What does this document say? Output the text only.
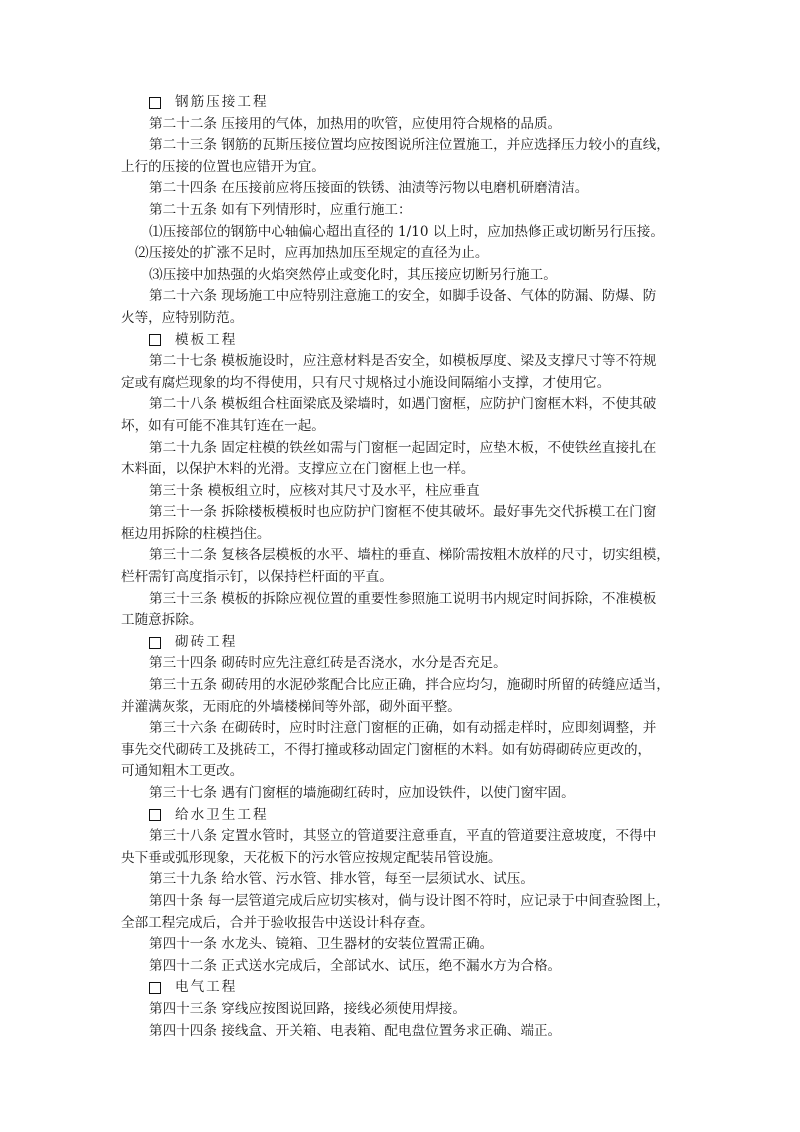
钢筋压接工程
第二十二条 压接用的气体，加热用的吹管，应使用符合规格的品质。
第二十三条 钢筋的瓦斯压接位置均应按图说所注位置施工，并应选择压力较小的直线，
上行的压接的位置也应错开为宜。
第二十四条 在压接前应将压接面的铁锈、油渍等污物以电磨机研磨清洁。
第二十五条 如有下列情形时，应重行施工：
⑴压接部位的钢筋中心轴偏心超出直径的 1/10 以上时，应加热修正或切断另行压接。
⑵压接处的扩涨不足时，应再加热加压至规定的直径为止。
⑶压接中加热强的火焰突然停止或变化时，其压接应切断另行施工。
第二十六条 现场施工中应特别注意施工的安全，如脚手设备、气体的防漏、防爆、防
火等，应特别防范。
模板工程
第二十七条 模板施设时，应注意材料是否安全，如模板厚度、梁及支撑尺寸等不符规
定或有腐烂现象的均不得使用，只有尺寸规格过小施设间隔缩小支撑，才使用它。
第二十八条 模板组合柱面梁底及梁墙时，如遇门窗框，应防护门窗框木料，不使其破
坏，如有可能不准其钉连在一起。
第二十九条 固定柱模的铁丝如需与门窗框一起固定时，应垫木板，不使铁丝直接扎在
木料面，以保护木料的光滑。支撑应立在门窗框上也一样。
第三十条 模板组立时，应核对其尺寸及水平，柱应垂直
第三十一条 拆除楼板模板时也应防护门窗框不使其破坏。最好事先交代拆模工在门窗
框边用拆除的柱模挡住。
第三十二条 复核各层模板的水平、墙柱的垂直、梯阶需按粗木放样的尺寸，切实组模，
栏杆需钉高度指示钉，以保持栏杆面的平直。
第三十三条 模板的拆除应视位置的重要性参照施工说明书内规定时间拆除，不准模板
工随意拆除。
砌砖工程
第三十四条 砌砖时应先注意红砖是否浇水，水分是否充足。
第三十五条 砌砖用的水泥砂浆配合比应正确，拌合应均匀，施砌时所留的砖缝应适当，
并灌满灰浆，无雨庇的外墙楼梯间等外部，砌外面平整。
第三十六条 在砌砖时，应时时注意门窗框的正确，如有动摇走样时，应即刻调整，并
事先交代砌砖工及挑砖工，不得打撞或移动固定门窗框的木料。如有妨碍砌砖应更改的，
可通知粗木工更改。
第三十七条 遇有门窗框的墙施砌红砖时，应加设铁件，以使门窗牢固。
给水卫生工程
第三十八条 定置水管时，其竖立的管道要注意垂直，平直的管道要注意坡度，不得中
央下垂或弧形现象，天花板下的污水管应按规定配装吊管设施。
第三十九条 给水管、污水管、排水管，每至一层须试水、试压。
第四十条 每一层管道完成后应切实核对，倘与设计图不符时，应记录于中间查验图上，
全部工程完成后，合并于验收报告中送设计科存查。
第四十一条 水龙头、镜箱、卫生器材的安装位置需正确。
第四十二条 正式送水完成后，全部试水、试压，绝不漏水方为合格。
电气工程
第四十三条 穿线应按图说回路，接线必须使用焊接。
第四十四条 接线盒、开关箱、电表箱、配电盘位置务求正确、端正。
